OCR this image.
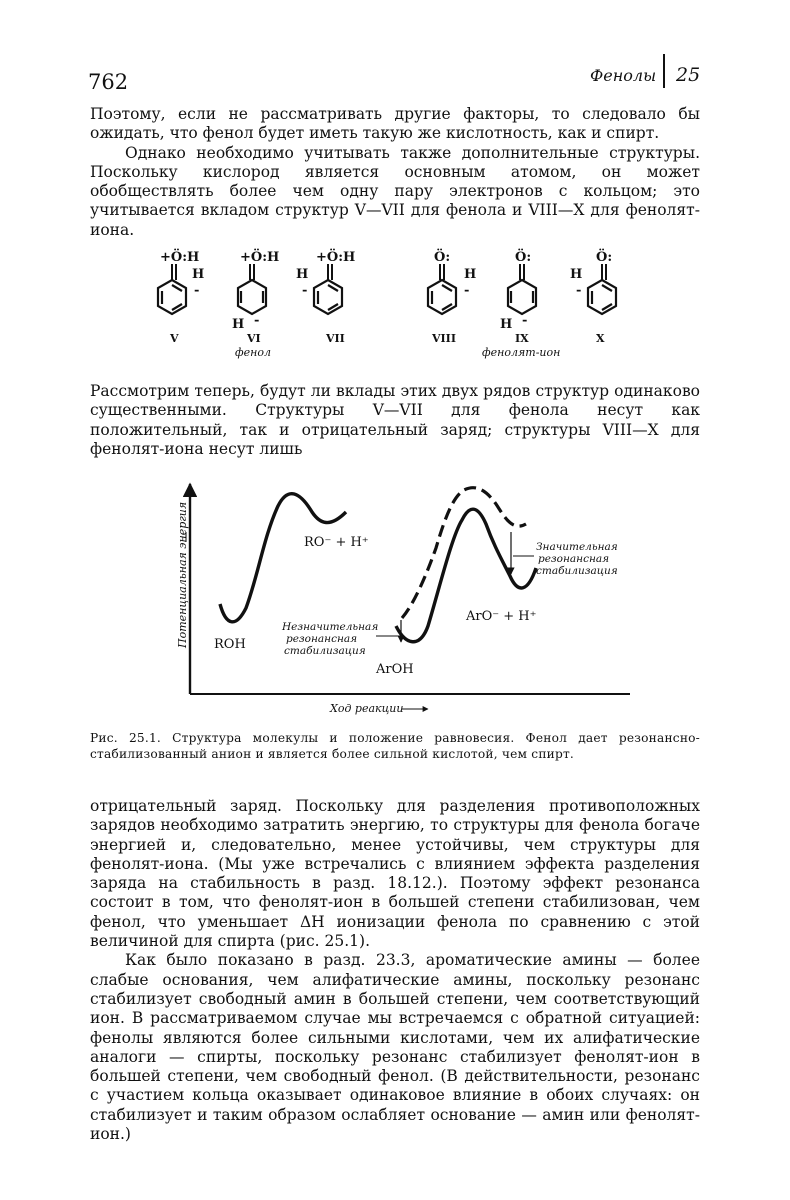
762	Фенолы 25

Поэтому, если не рассматривать другие факторы, то следовало бы ожидать, что фенол будет иметь такую же кислотность, как и спирт.

Однако необходимо учитывать также дополнительные структуры. Поскольку кислород является основным атомом, он может обобществлять более чем одну пару электронов с кольцом; это учитывается вкладом структур V—VII для фенола и VIII—X для фенолят-иона.

+Ö:H
H
-
V
+Ö:H
H -
VI
фенол
+Ö:H
H
-
VII
Ö:
H
-
VIII
Ö:
H -
IX
фенолят-ион
Ö:
H
-
X

Рассмотрим теперь, будут ли вклады этих двух рядов структур одинаково существенными. Структуры V—VII для фенола несут как положительный, так и отрицательный заряд; структуры VIII—X для фенолят-иона несут лишь

Потенциальная энергия
Ход реакции
ROH
RO⁻ + H⁺
ArOH
ArO⁻ + H⁺
Незначительная
резонансная
стабилизация
Значительная
резонансная
стабилизация
Рис. 25.1. Структура молекулы и положение равновесия. Фенол дает резонансно-стабилизованный анион и является более сильной кислотой, чем спирт.

отрицательный заряд. Поскольку для разделения противоположных зарядов необходимо затратить энергию, то структуры для фенола богаче энергией и, следовательно, менее устойчивы, чем структуры для фенолят-иона. (Мы уже встречались с влиянием эффекта разделения заряда на стабильность в разд. 18.12.). Поэтому эффект резонанса состоит в том, что фенолят-ион в большей степени стабилизован, чем фенол, что уменьшает ΔH ионизации фенола по сравнению с этой величиной для спирта (рис. 25.1).

Как было показано в разд. 23.3, ароматические амины — более слабые основания, чем алифатические амины, поскольку резонанс стабилизует свободный амин в большей степени, чем соответствующий ион. В рассматриваемом случае мы встречаемся с обратной ситуацией: фенолы являются более сильными кислотами, чем их алифатические аналоги — спирты, поскольку резонанс стабилизует фенолят-ион в большей степени, чем свободный фенол. (В действительности, резонанс с участием кольца оказывает одинаковое влияние в обоих случаях: он стабилизует и таким образом ослабляет основание — амин или фенолят-ион.)
